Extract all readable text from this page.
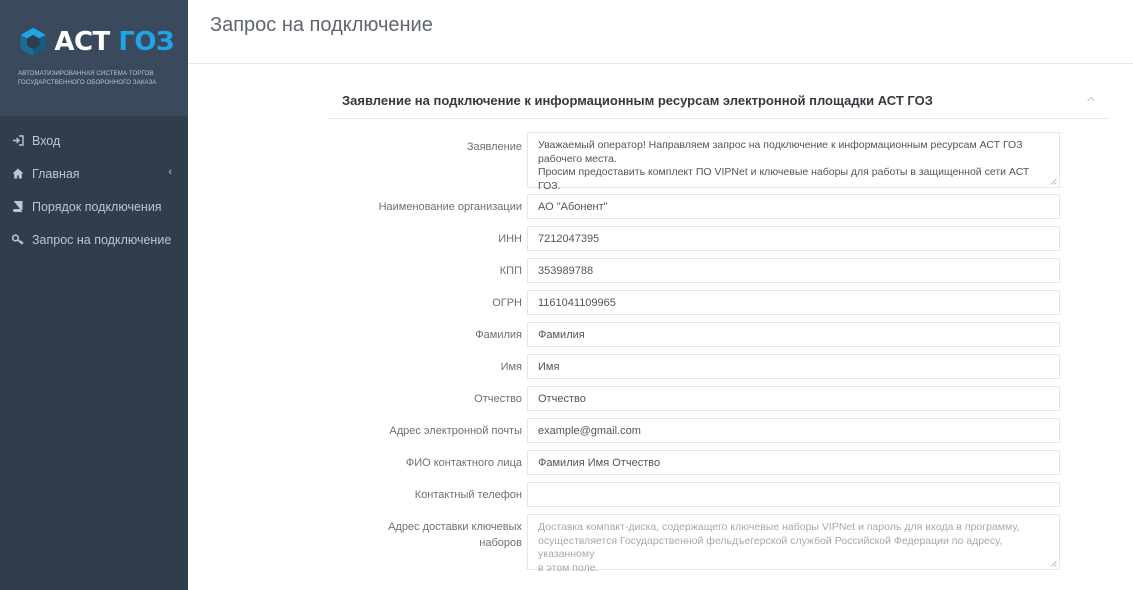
АСТ ГОЗ
АВТОМАТИЗИРОВАННАЯ СИСТЕМА ТОРГОВ
ГОСУДАРСТВЕННОГО ОБОРОННОГО ЗАКАЗА
Вход
Главная	‹
Порядок подключения
Запрос на подключение
Запрос на подключение
Заявление на подключение к информационным ресурсам электронной площадки АСТ ГОЗ
Заявление Уважаемый оператор! Направляем запрос на подключение к информационным ресурсам АСТ ГОЗ
рабочего места.
Просим предоставить комплект ПО VIPNet и ключевые наборы для работы в защищенной сети АСТ ГОЗ.
Наименование организации
АО "Абонент"
ИНН
7212047395
КПП
353989788
ОГРН
1161041109965
Фамилия
Фамилия
Имя
Имя
Отчество
Отчество
Адрес электронной почты
example@gmail.com
ФИО контактного лица
Фамилия Имя Отчество
Контактный телефон
Адрес доставки ключевых
наборов
Доставка компакт-диска, содержащего ключевые наборы VIPNet и пароль для входа в программу,
осуществляется Государственной фельдъегерской службой Российской Федерации по адресу, указанному
в этом поле.
